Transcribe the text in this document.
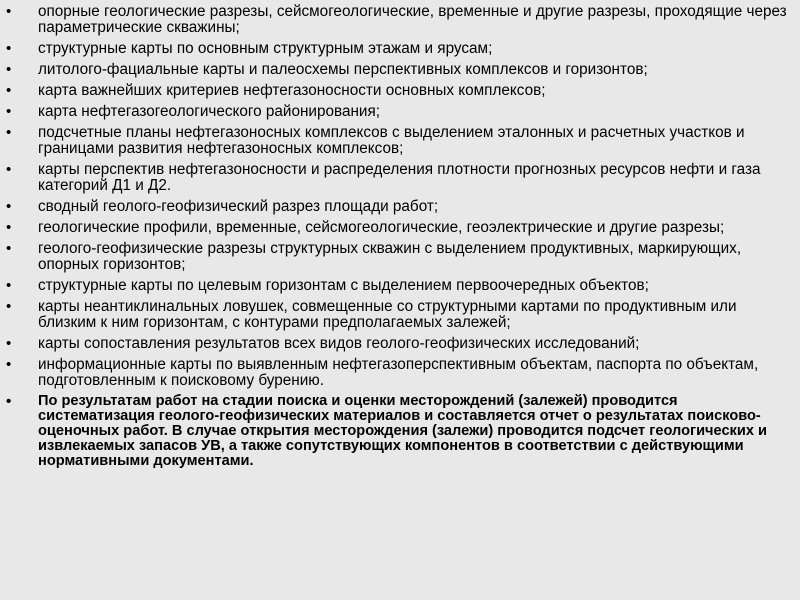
•	опорные геологические разрезы, сейсмогеологические, временные и другие разрезы, проходящие через параметрические скважины;
•	структурные карты по основным структурным этажам и ярусам;
•	литолого-фациальные карты и палеосхемы перспективных комплексов и горизонтов;
•	карта важнейших критериев нефтегазоносности основных комплексов;
•	карта нефтегазогеологического районирования;
•	подсчетные планы нефтегазоносных комплексов с выделением эталонных и расчетных участков и границами развития нефтегазоносных комплексов;
•	карты перспектив нефтегазоносности и распределения плотности прогнозных ресурсов нефти и газа категорий Д1 и Д2.
•	сводный геолого-геофизический разрез площади работ;
•	геологические профили, временные, сейсмогеологические, геоэлектрические и другие разрезы;
•	геолого-геофизические разрезы структурных скважин с выделением продуктивных, маркирующих, опорных горизонтов;
•	структурные карты по целевым горизонтам с выделением первоочередных объектов;
•	карты неантиклинальных ловушек, совмещенные со структурными картами по продуктивным или близким к ним горизонтам, с контурами предполагаемых залежей;
•	карты сопоставления результатов всех видов геолого-геофизических исследований;
•	информационные карты по выявленным нефтегазоперспективным объектам, паспорта по объектам, подготовленным к поисковому бурению.
•	По результатам работ на стадии поиска и оценки месторождений (залежей) проводится систематизация геолого-геофизических материалов и составляется отчет о результатах поисково-оценочных работ. В случае открытия месторождения (залежи) проводится подсчет геологических и извлекаемых запасов УВ, а также сопутствующих компонентов в соответствии с действующими нормативными документами.
